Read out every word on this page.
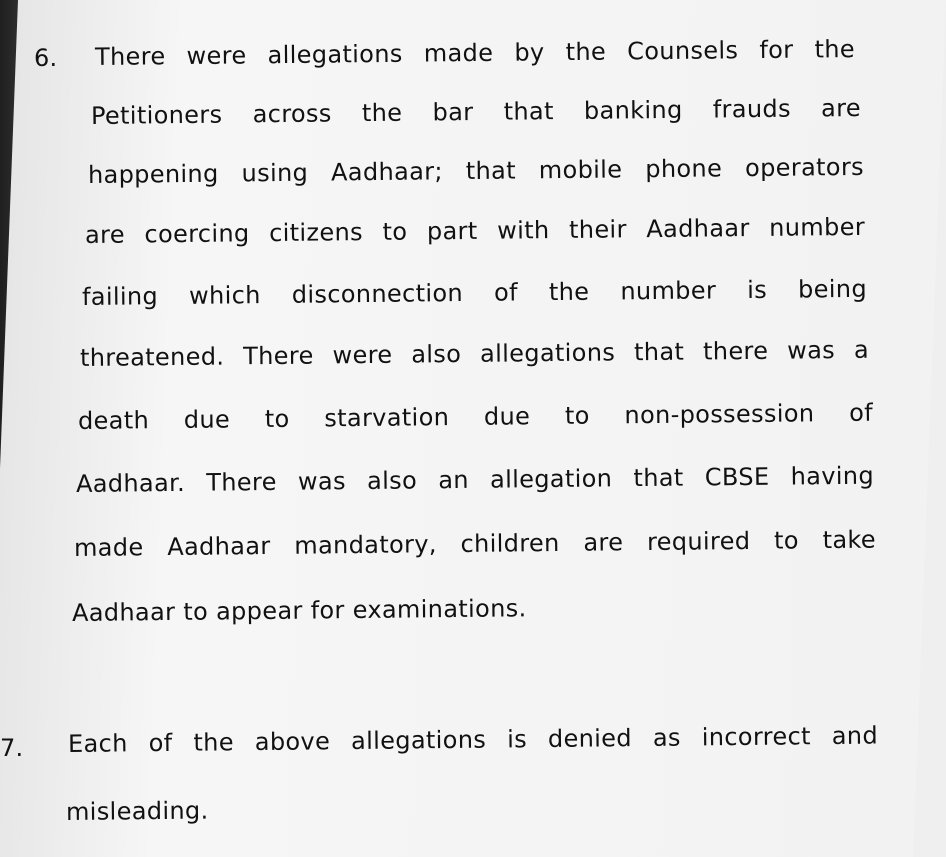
6. There were allegations made by the Counsels for the
Petitioners across the bar that banking frauds are
happening using Aadhaar; that mobile phone operators
are coercing citizens to part with their Aadhaar number
failing which disconnection of the number is being
threatened. There were also allegations that there was a
death due to starvation due to non-possession of
Aadhaar. There was also an allegation that CBSE having
made Aadhaar mandatory, children are required to take
Aadhaar to appear for examinations.
7. Each of the above allegations is denied as incorrect and
misleading.
